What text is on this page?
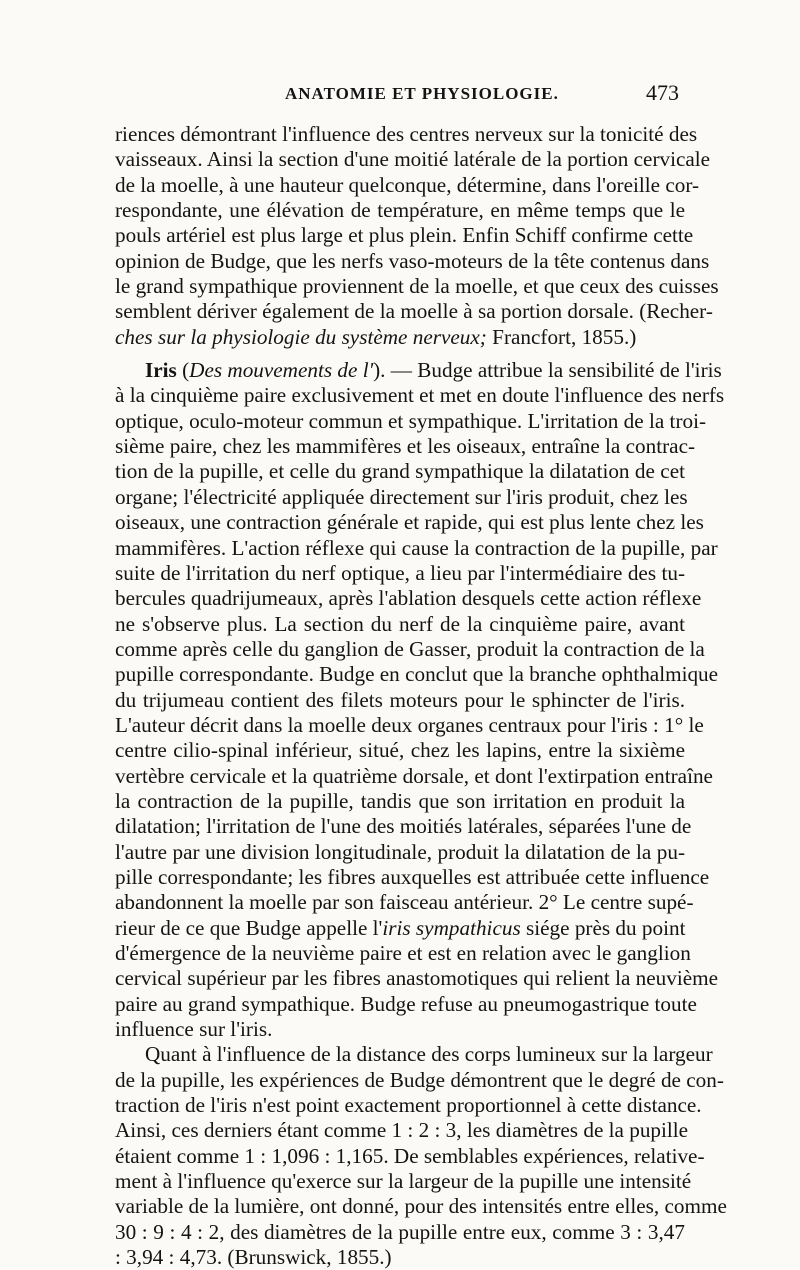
ANATOMIE ET PHYSIOLOGIE.	473
riences démontrant l'influence des centres nerveux sur la tonicité des
vaisseaux. Ainsi la section d'une moitié latérale de la portion cervicale
de la moelle, à une hauteur quelconque, détermine, dans l'oreille cor-
respondante, une élévation de température, en même temps que le
pouls artériel est plus large et plus plein. Enfin Schiff confirme cette
opinion de Budge, que les nerfs vaso-moteurs de la tête contenus dans
le grand sympathique proviennent de la moelle, et que ceux des cuisses
semblent dériver également de la moelle à sa portion dorsale. (Recher-
ches sur la physiologie du système nerveux; Francfort, 1855.)
Iris (Des mouvements de l'). — Budge attribue la sensibilité de l'iris
à la cinquième paire exclusivement et met en doute l'influence des nerfs
optique, oculo-moteur commun et sympathique. L'irritation de la troi-
sième paire, chez les mammifères et les oiseaux, entraîne la contrac-
tion de la pupille, et celle du grand sympathique la dilatation de cet
organe; l'électricité appliquée directement sur l'iris produit, chez les
oiseaux, une contraction générale et rapide, qui est plus lente chez les
mammifères. L'action réflexe qui cause la contraction de la pupille, par
suite de l'irritation du nerf optique, a lieu par l'intermédiaire des tu-
bercules quadrijumeaux, après l'ablation desquels cette action réflexe
ne s'observe plus. La section du nerf de la cinquième paire, avant
comme après celle du ganglion de Gasser, produit la contraction de la
pupille correspondante. Budge en conclut que la branche ophthalmique
du trijumeau contient des filets moteurs pour le sphincter de l'iris.
L'auteur décrit dans la moelle deux organes centraux pour l'iris : 1° le
centre cilio-spinal inférieur, situé, chez les lapins, entre la sixième
vertèbre cervicale et la quatrième dorsale, et dont l'extirpation entraîne
la contraction de la pupille, tandis que son irritation en produit la
dilatation; l'irritation de l'une des moitiés latérales, séparées l'une de
l'autre par une division longitudinale, produit la dilatation de la pu-
pille correspondante; les fibres auxquelles est attribuée cette influence
abandonnent la moelle par son faisceau antérieur. 2° Le centre supé-
rieur de ce que Budge appelle l'iris sympathicus siége près du point
d'émergence de la neuvième paire et est en relation avec le ganglion
cervical supérieur par les fibres anastomotiques qui relient la neuvième
paire au grand sympathique. Budge refuse au pneumogastrique toute
influence sur l'iris.
Quant à l'influence de la distance des corps lumineux sur la largeur
de la pupille, les expériences de Budge démontrent que le degré de con-
traction de l'iris n'est point exactement proportionnel à cette distance.
Ainsi, ces derniers étant comme 1 : 2 : 3, les diamètres de la pupille
étaient comme 1 : 1,096 : 1,165. De semblables expériences, relative-
ment à l'influence qu'exerce sur la largeur de la pupille une intensité
variable de la lumière, ont donné, pour des intensités entre elles, comme
30 : 9 : 4 : 2, des diamètres de la pupille entre eux, comme 3 : 3,47
: 3,94 : 4,73. (Brunswick, 1855.)
